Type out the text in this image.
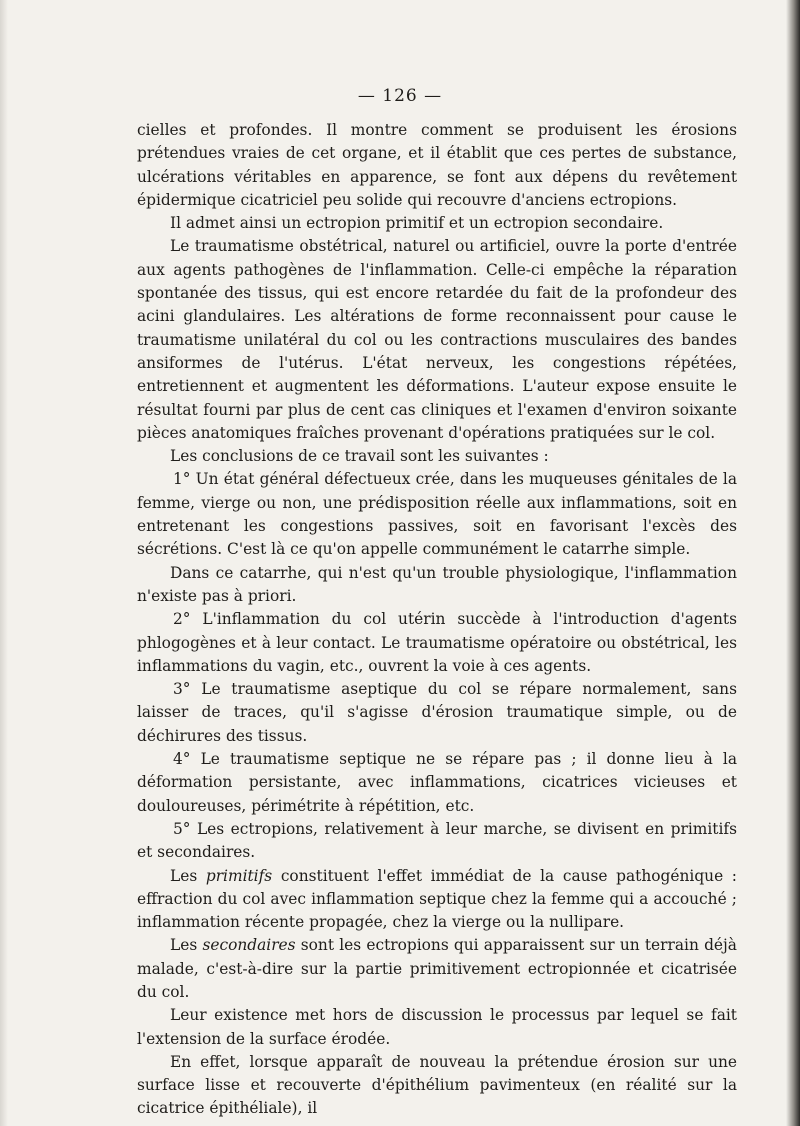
— 126 —

cielles et profondes. Il montre comment se produisent les érosions prétendues vraies de cet organe, et il établit que ces pertes de substance, ulcérations véritables en apparence, se font aux dépens du revêtement épidermique cicatriciel peu solide qui recouvre d'anciens ectropions.

Il admet ainsi un ectropion primitif et un ectropion secondaire.

Le traumatisme obstétrical, naturel ou artificiel, ouvre la porte d'entrée aux agents pathogènes de l'inflammation. Celle-ci empêche la réparation spontanée des tissus, qui est encore retardée du fait de la profondeur des acini glandulaires. Les altérations de forme reconnaissent pour cause le traumatisme unilatéral du col ou les contractions musculaires des bandes ansiformes de l'utérus. L'état nerveux, les congestions répétées, entretiennent et augmentent les déformations. L'auteur expose ensuite le résultat fourni par plus de cent cas cliniques et l'examen d'environ soixante pièces anatomiques fraîches provenant d'opérations pratiquées sur le col.

Les conclusions de ce travail sont les suivantes :

1° Un état général défectueux crée, dans les muqueuses génitales de la femme, vierge ou non, une prédisposition réelle aux inflammations, soit en entretenant les congestions passives, soit en favorisant l'excès des sécrétions. C'est là ce qu'on appelle communément le catarrhe simple.

Dans ce catarrhe, qui n'est qu'un trouble physiologique, l'inflammation n'existe pas à priori.

2° L'inflammation du col utérin succède à l'introduction d'agents phlogogènes et à leur contact. Le traumatisme opératoire ou obstétrical, les inflammations du vagin, etc., ouvrent la voie à ces agents.

3° Le traumatisme aseptique du col se répare normalement, sans laisser de traces, qu'il s'agisse d'érosion traumatique simple, ou de déchirures des tissus.

4° Le traumatisme septique ne se répare pas ; il donne lieu à la déformation persistante, avec inflammations, cicatrices vicieuses et douloureuses, périmétrite à répétition, etc.

5° Les ectropions, relativement à leur marche, se divisent en primitifs et secondaires.

Les primitifs constituent l'effet immédiat de la cause pathogénique : effraction du col avec inflammation septique chez la femme qui a accouché ; inflammation récente propagée, chez la vierge ou la nullipare.

Les secondaires sont les ectropions qui apparaissent sur un terrain déjà malade, c'est-à-dire sur la partie primitivement ectropionnée et cicatrisée du col.

Leur existence met hors de discussion le processus par lequel se fait l'extension de la surface érodée.

En effet, lorsque apparaît de nouveau la prétendue érosion sur une surface lisse et recouverte d'épithélium pavimenteux (en réalité sur la cicatrice épithéliale), il
